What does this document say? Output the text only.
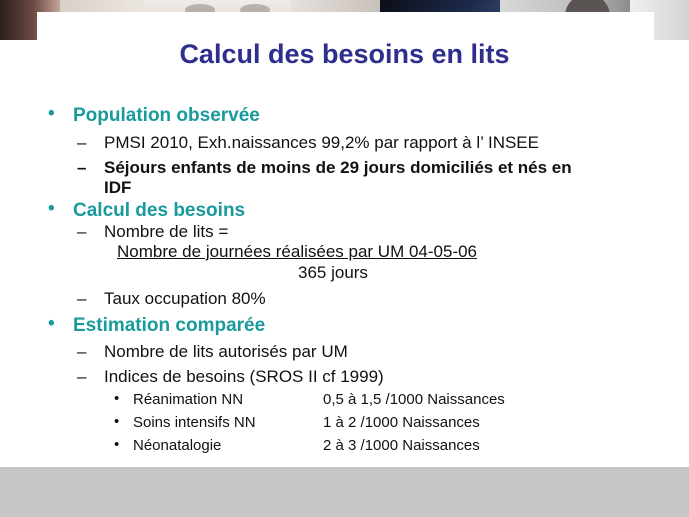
Calcul des besoins en lits
• Population observée
– PMSI 2010, Exh.naissances 99,2% par rapport à l’ INSEE
– Séjours enfants de moins de 29 jours domiciliés et nés en
IDF
• Calcul des besoins
– Nombre de lits =
Nombre de journées réalisées par UM 04-05-06
365 jours
– Taux occupation 80%
• Estimation comparée
– Nombre de lits autorisés par UM
– Indices de besoins (SROS II cf 1999)
• Réanimation NN	0,5 à 1,5 /1000 Naissances
• Soins intensifs NN	1 à 2 /1000 Naissances
• Néonatalogie	2 à 3 /1000 Naissances
